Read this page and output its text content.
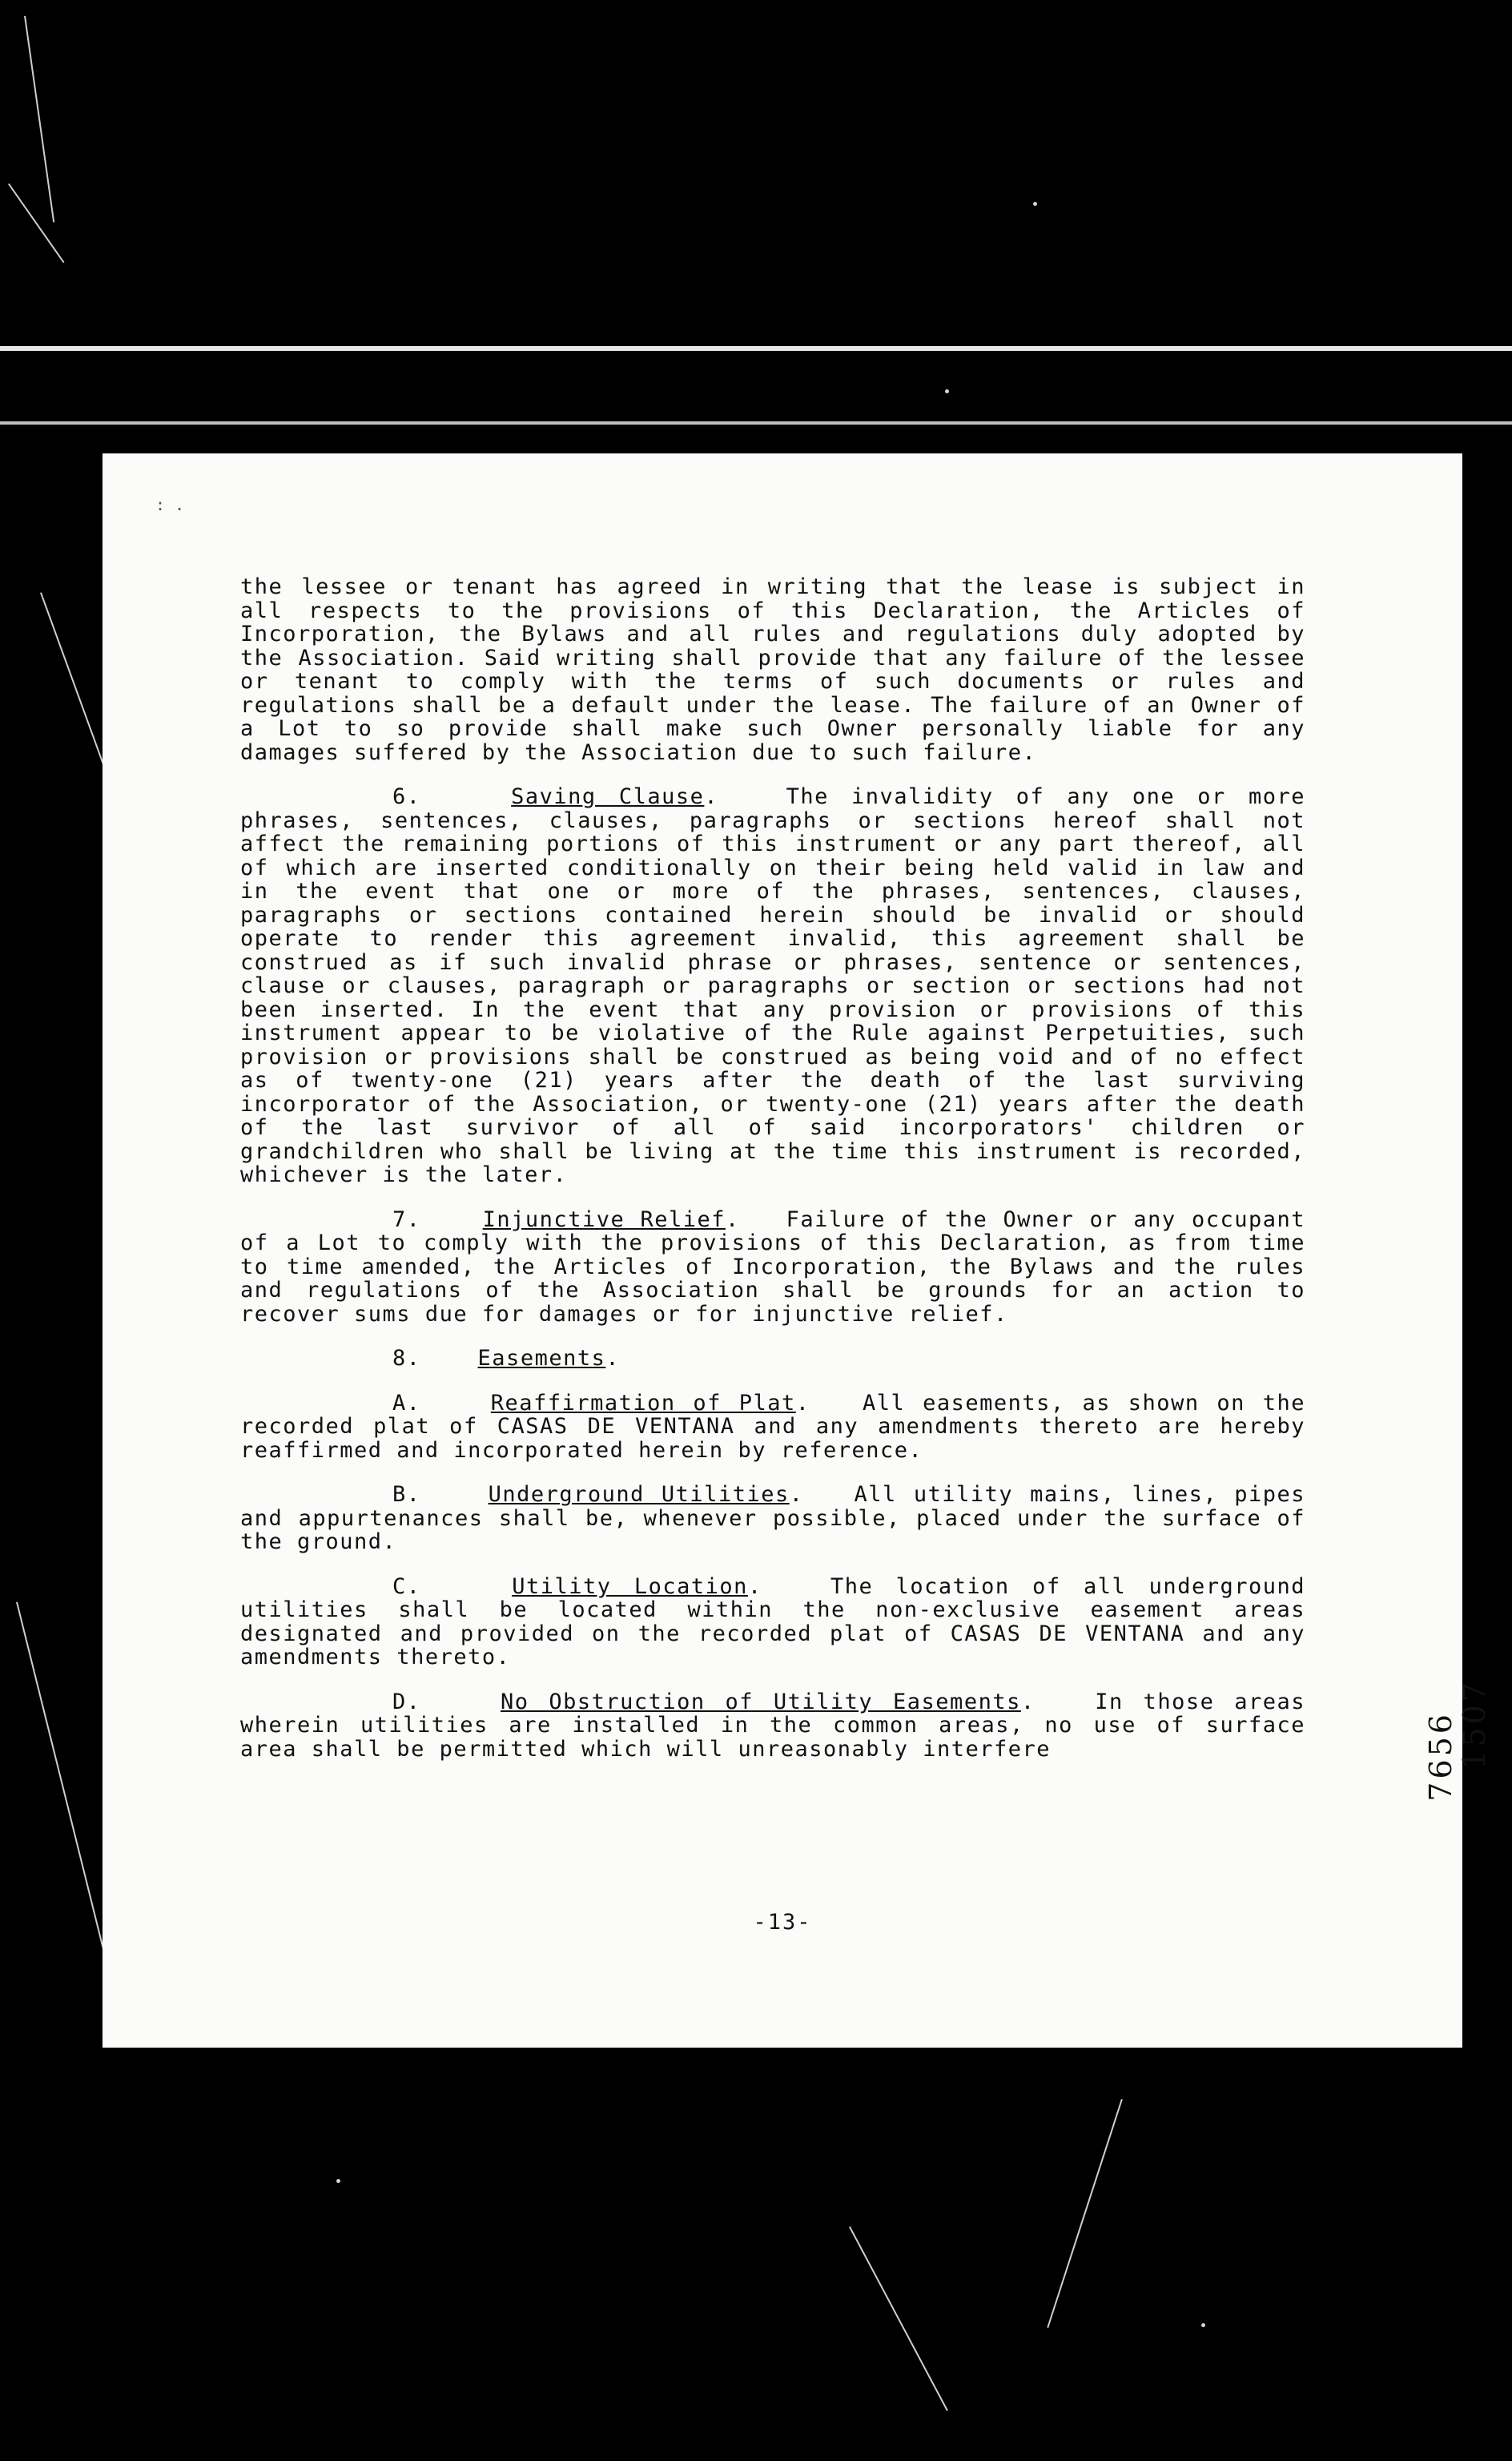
: .

the lessee or tenant has agreed in writing that the lease is subject in all respects to the provisions of this Declaration, the Articles of Incorporation, the Bylaws and all rules and regulations duly adopted by the Association. Said writing shall provide that any failure of the lessee or tenant to comply with the terms of such documents or rules and regulations shall be a default under the lease. The failure of an Owner of a Lot to so provide shall make such Owner personally liable for any damages suffered by the Association due to such failure.

6.	Saving Clause.   The invalidity of any one or more phrases, sentences, clauses, paragraphs or sections hereof shall not affect the remaining portions of this instrument or any part thereof, all of which are inserted conditionally on their being held valid in law and in the event that one or more of the phrases, sentences, clauses, paragraphs or sections contained herein should be invalid or should operate to render this agreement invalid, this agreement shall be construed as if such invalid phrase or phrases, sentence or sentences, clause or clauses, paragraph or paragraphs or section or sections had not been inserted. In the event that any provision or provisions of this instrument appear to be violative of the Rule against Perpetuities, such provision or provisions shall be construed as being void and of no effect as of twenty-one (21) years after the death of the last surviving incorporator of the Association, or twenty-one (21) years after the death of the last survivor of all of said incorporators' children or grandchildren who shall be living at the time this instrument is recorded, whichever is the later.

7.	Injunctive Relief.   Failure of the Owner or any occupant of a Lot to comply with the provisions of this Declaration, as from time to time amended, the Articles of Incorporation, the Bylaws and the rules and regulations of the Association shall be grounds for an action to recover sums due for damages or for injunctive relief.

8.	Easements.

A.	Reaffirmation of Plat.   All easements, as shown on the recorded plat of CASAS DE VENTANA and any amendments thereto are hereby reaffirmed and incorporated herein by reference.

B.	Underground Utilities.   All utility mains, lines, pipes and appurtenances shall be, whenever possible, placed under the surface of the ground.

C.	Utility Location.   The location of all underground utilities shall be located within the non-exclusive easement areas designated and provided on the recorded plat of CASAS DE VENTANA and any amendments thereto.

D.	No Obstruction of Utility Easements.   In those areas wherein utilities are installed in the common areas, no use of surface area shall be permitted which will unreasonably interfere

-13-
7656
1507
